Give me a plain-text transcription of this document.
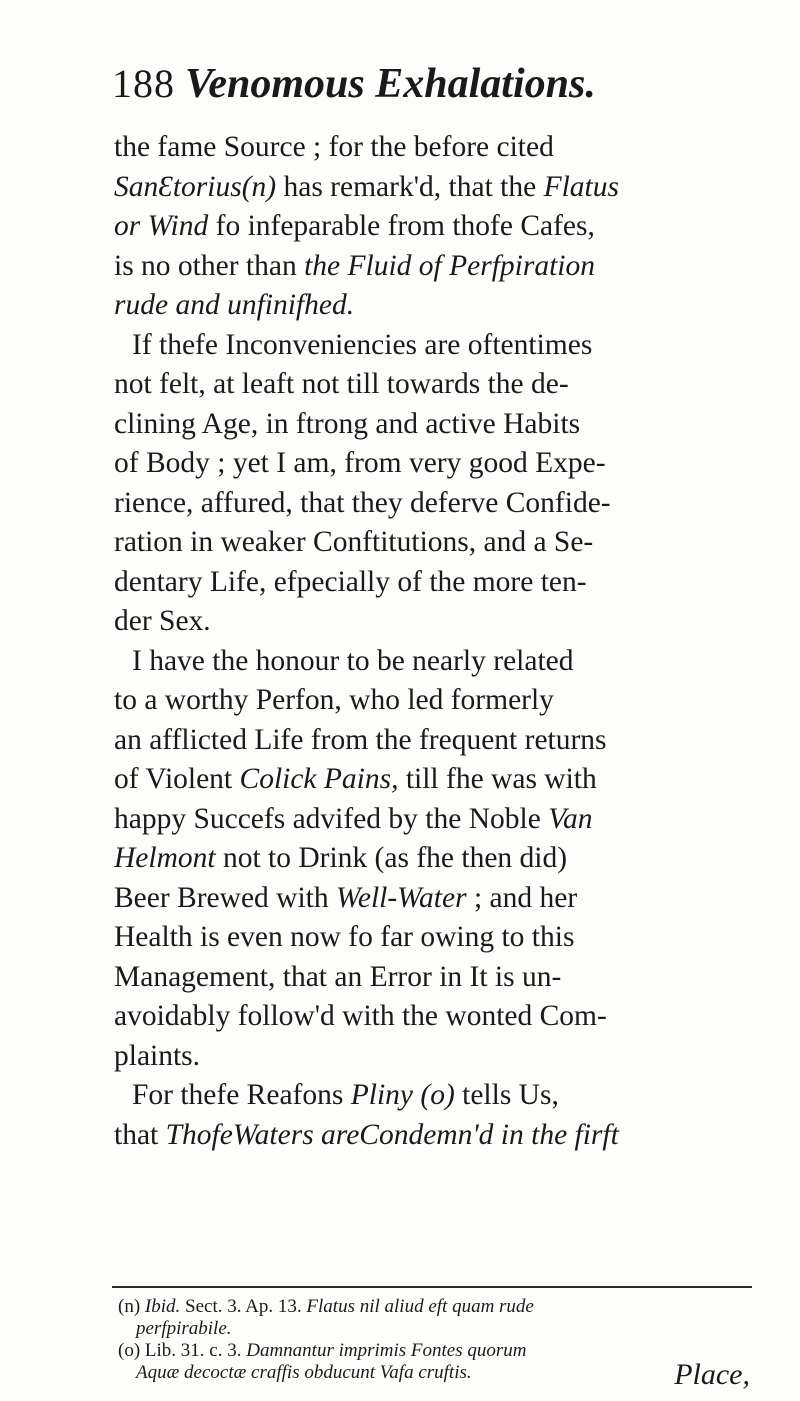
188 Venomous Exhalations.
the fame Source ; for the before cited
SanƐtorius(n) has remark'd, that the Flatus
or Wind fo infeparable from thofe Cafes,
is no other than the Fluid of Perfpiration
rude and unfinifhed.
If thefe Inconveniencies are oftentimes
not felt, at leaft not till towards the de-
clining Age, in ftrong and active Habits
of Body ; yet I am, from very good Expe-
rience, affured, that they deferve Confide-
ration in weaker Conftitutions, and a Se-
dentary Life, efpecially of the more ten-
der Sex.
I have the honour to be nearly related
to a worthy Perfon, who led formerly
an afflicted Life from the frequent returns
of Violent Colick Pains, till fhe was with
happy Succefs advifed by the Noble Van
Helmont not to Drink (as fhe then did)
Beer Brewed with Well-Water ; and her
Health is even now fo far owing to this
Management, that an Error in It is un-
avoidably follow'd with the wonted Com-
plaints.
For thefe Reafons Pliny (o) tells Us,
that ThofeWaters areCondemn'd in the firft
(n) Ibid. Sect. 3. Ap. 13. Flatus nil aliud eft quam rude
perfpirabile.
(o) Lib. 31. c. 3. Damnantur imprimis Fontes quorum
Aquæ decoctæ craffis obducunt Vafa cruftis.	Place,
